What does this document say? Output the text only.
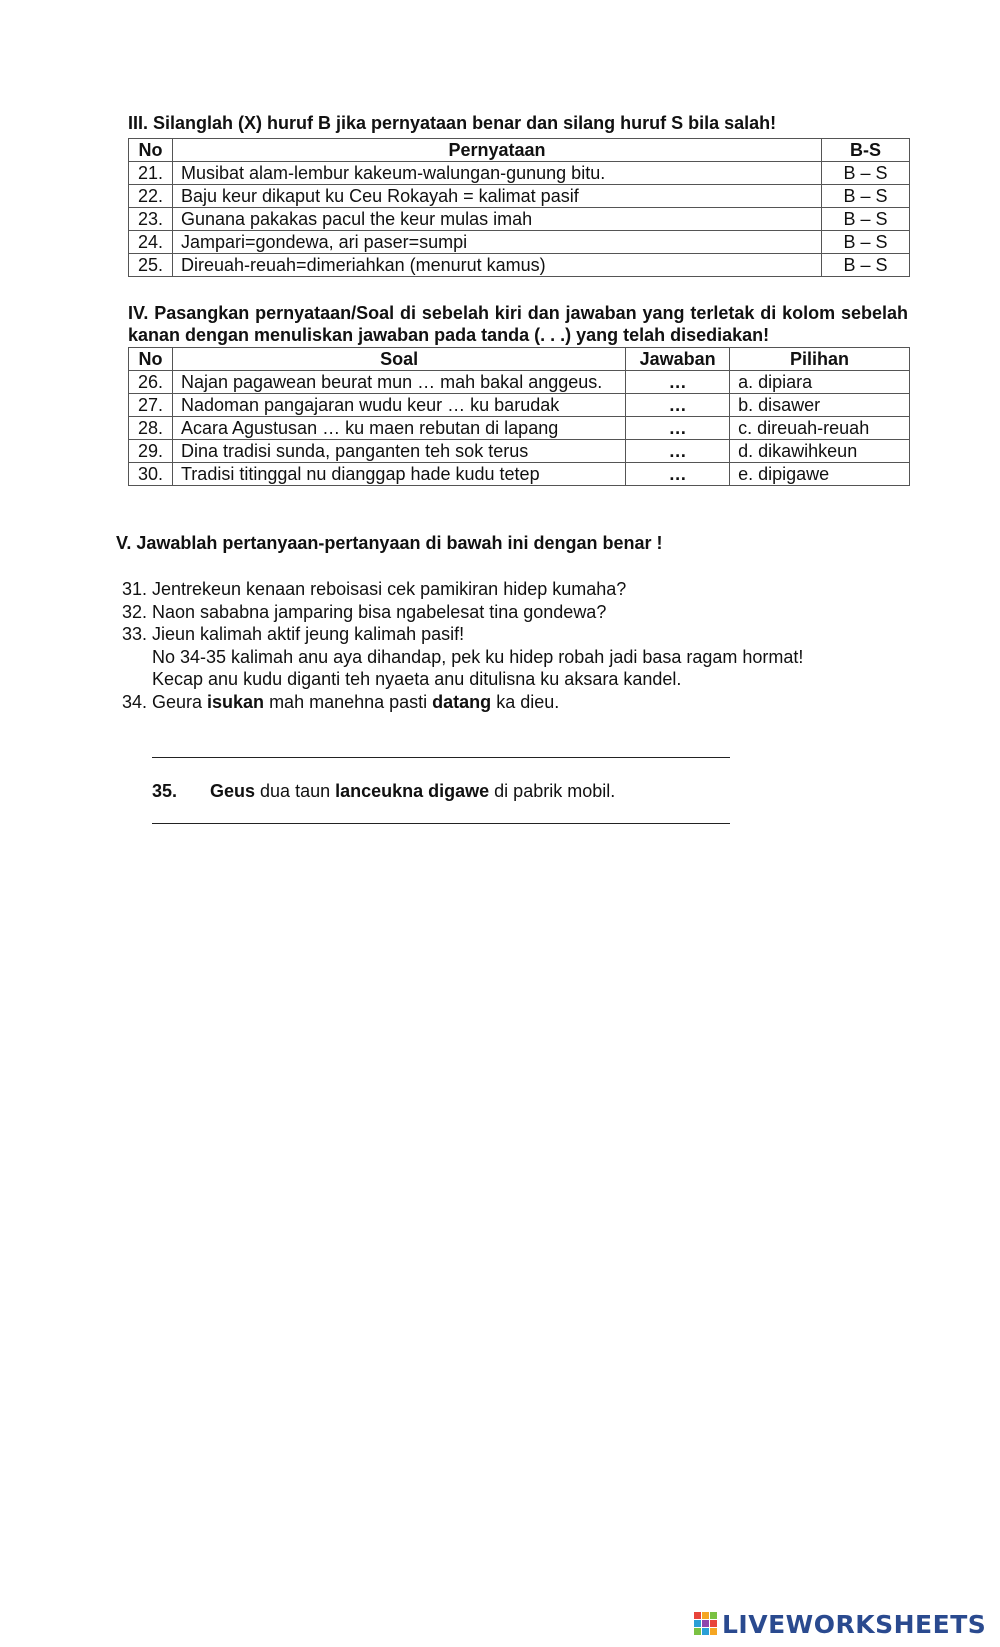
III. Silanglah (X) huruf B jika pernyataan benar dan silang huruf S bila salah!
No	Pernyataan	B-S
21.	Musibat alam-lembur kakeum-walungan-gunung bitu.	B – S
22.	Baju keur dikaput ku Ceu Rokayah = kalimat pasif	B – S
23.	Gunana pakakas pacul the keur mulas imah	B – S
24.	Jampari=gondewa, ari paser=sumpi	B – S
25.	Direuah-reuah=dimeriahkan (menurut kamus)	B – S
IV. Pasangkan pernyataan/Soal di sebelah kiri dan jawaban yang terletak di kolom sebelah kanan dengan menuliskan jawaban pada tanda (. . .) yang telah disediakan!
No	Soal	Jawaban	Pilihan
26.	Najan pagawean beurat mun … mah bakal anggeus.	…	a. dipiara
27.	Nadoman pangajaran wudu keur … ku barudak	…	b. disawer
28.	Acara Agustusan … ku maen rebutan di lapang	…	c. direuah-reuah
29.	Dina tradisi sunda, panganten teh sok terus	…	d. dikawihkeun
30.	Tradisi titinggal nu dianggap hade kudu tetep	…	e. dipigawe
V. Jawablah pertanyaan-pertanyaan di bawah ini dengan benar !
31. Jentrekeun kenaan reboisasi cek pamikiran hidep kumaha?
32. Naon sababna jamparing bisa ngabelesat tina gondewa?
33. Jieun kalimah aktif jeung kalimah pasif!
No 34-35 kalimah anu aya dihandap, pek ku hidep robah jadi basa ragam hormat!
Kecap anu kudu diganti teh nyaeta anu ditulisna ku aksara kandel.
34. Geura isukan mah manehna pasti datang ka dieu.
35. Geus dua taun lanceukna digawe di pabrik mobil.
LIVEWORKSHEETS
